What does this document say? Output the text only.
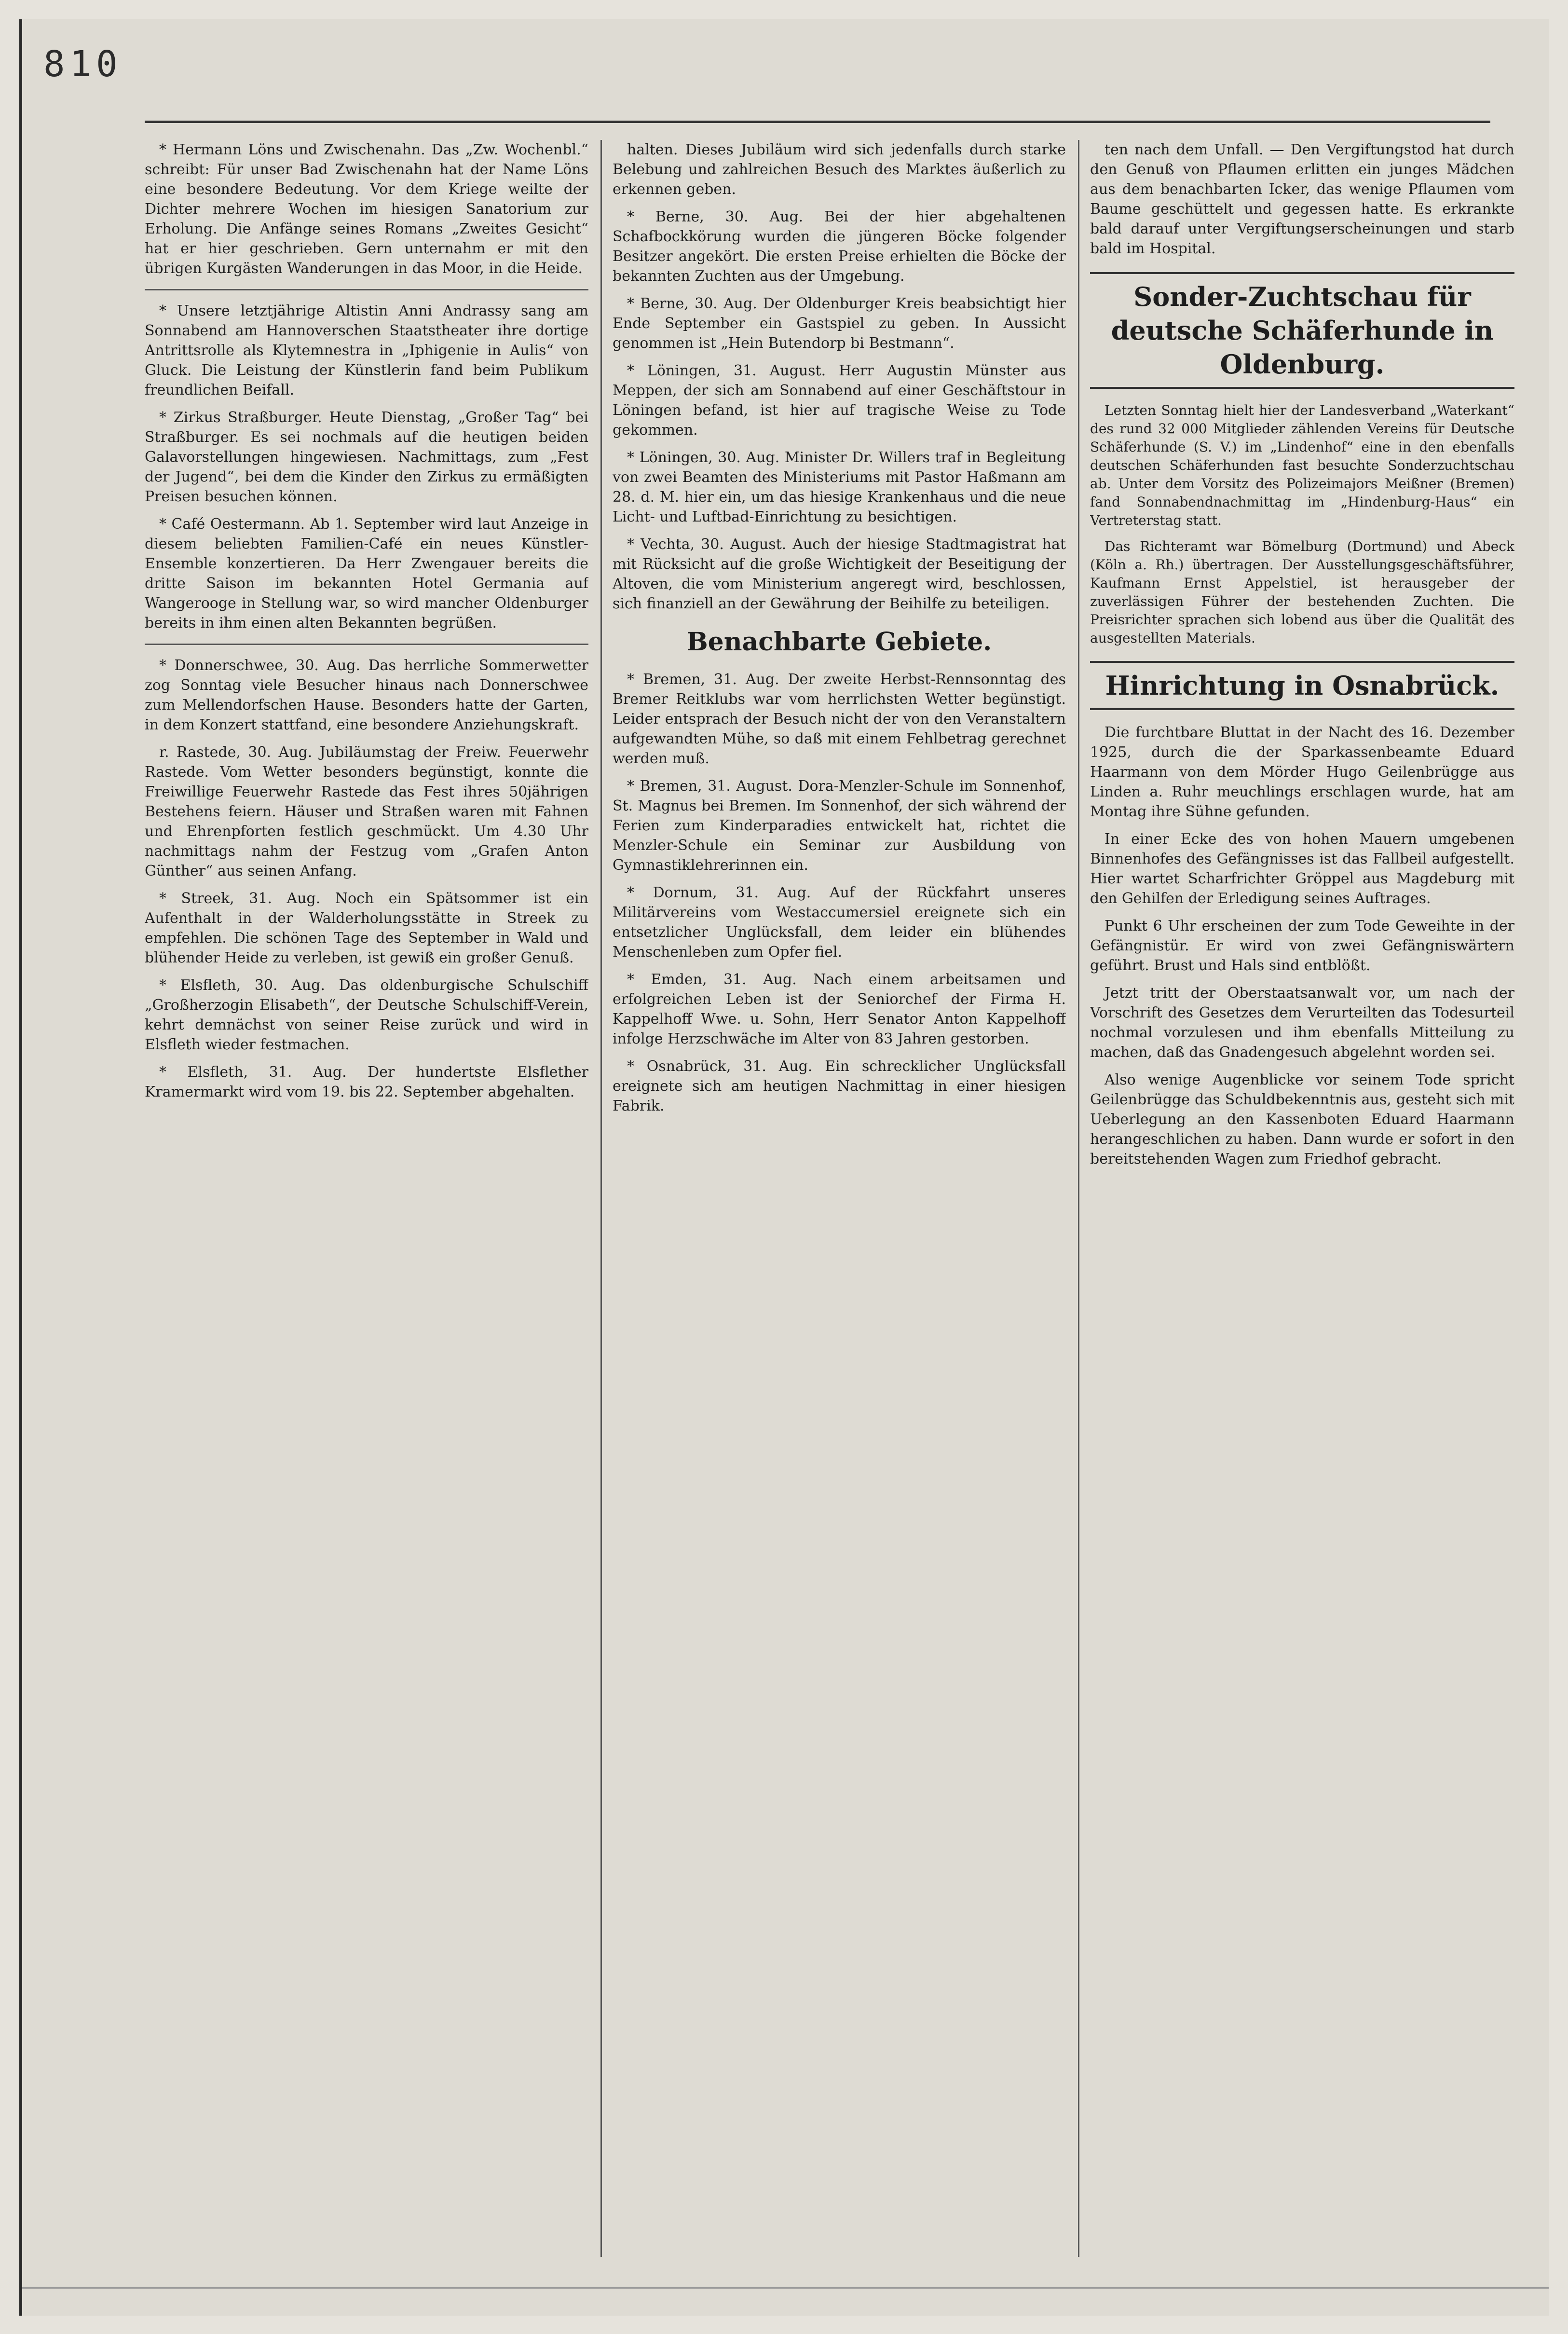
810

* Hermann Löns und Zwischenahn. Das „Zw. Wochenbl.“ schreibt: Für unser Bad Zwischenahn hat der Name Löns eine besondere Bedeutung. Vor dem Kriege weilte der Dichter mehrere Wochen im hiesigen Sanatorium zur Erholung. Die Anfänge seines Romans „Zweites Gesicht“ hat er hier geschrieben. Gern unternahm er mit den übrigen Kurgästen Wanderungen in das Moor, in die Heide.

* Unsere letztjährige Altistin Anni Andrassy sang am Sonnabend am Hannoverschen Staatstheater ihre dortige Antrittsrolle als Klytemnestra in „Iphigenie in Aulis“ von Gluck. Die Leistung der Künstlerin fand beim Publikum freundlichen Beifall.

* Zirkus Straßburger. Heute Dienstag, „Großer Tag“ bei Straßburger. Es sei nochmals auf die heutigen beiden Galavorstellungen hingewiesen. Nachmittags, zum „Fest der Jugend“, bei dem die Kinder den Zirkus zu ermäßigten Preisen besuchen können.

* Café Oestermann. Ab 1. September wird laut Anzeige in diesem beliebten Familien-Café ein neues Künstler-Ensemble konzertieren. Da Herr Zwengauer bereits die dritte Saison im bekannten Hotel Germania auf Wangerooge in Stellung war, so wird mancher Oldenburger bereits in ihm einen alten Bekannten begrüßen.

* Donnerschwee, 30. Aug. Das herrliche Sommerwetter zog Sonntag viele Besucher hinaus nach Donnerschwee zum Mellendorfschen Hause. Besonders hatte der Garten, in dem Konzert stattfand, eine besondere Anziehungskraft.

r. Rastede, 30. Aug. Jubiläumstag der Freiw. Feuerwehr Rastede. Vom Wetter besonders begünstigt, konnte die Freiwillige Feuerwehr Rastede das Fest ihres 50jährigen Bestehens feiern. Häuser und Straßen waren mit Fahnen und Ehrenpforten festlich geschmückt. Um 4.30 Uhr nachmittags nahm der Festzug vom „Grafen Anton Günther“ aus seinen Anfang.

* Streek, 31. Aug. Noch ein Spätsommer ist ein Aufenthalt in der Walderholungsstätte in Streek zu empfehlen. Die schönen Tage des September in Wald und blühender Heide zu verleben, ist gewiß ein großer Genuß.

* Elsfleth, 30. Aug. Das oldenburgische Schulschiff „Großherzogin Elisabeth“, der Deutsche Schulschiff-Verein, kehrt demnächst von seiner Reise zurück und wird in Elsfleth wieder festmachen.

* Elsfleth, 31. Aug. Der hundertste Elsflether Kramermarkt wird vom 19. bis 22. September abgehalten.

halten. Dieses Jubiläum wird sich jedenfalls durch starke Belebung und zahlreichen Besuch des Marktes äußerlich zu erkennen geben.

* Berne, 30. Aug. Bei der hier abgehaltenen Schafbockkörung wurden die jüngeren Böcke folgender Besitzer angekört. Die ersten Preise erhielten die Böcke der bekannten Zuchten aus der Umgebung.

* Berne, 30. Aug. Der Oldenburger Kreis beabsichtigt hier Ende September ein Gastspiel zu geben. In Aussicht genommen ist „Hein Butendorp bi Bestmann“.

* Löningen, 31. August. Herr Augustin Münster aus Meppen, der sich am Sonnabend auf einer Geschäftstour in Löningen befand, ist hier auf tragische Weise zu Tode gekommen.

* Löningen, 30. Aug. Minister Dr. Willers traf in Begleitung von zwei Beamten des Ministeriums mit Pastor Haßmann am 28. d. M. hier ein, um das hiesige Krankenhaus und die neue Licht- und Luftbad-Einrichtung zu besichtigen.

* Vechta, 30. August. Auch der hiesige Stadtmagistrat hat mit Rücksicht auf die große Wichtigkeit der Beseitigung der Altoven, die vom Ministerium angeregt wird, beschlossen, sich finanziell an der Gewährung der Beihilfe zu beteiligen.

Benachbarte Gebiete.

* Bremen, 31. Aug. Der zweite Herbst-Rennsonntag des Bremer Reitklubs war vom herrlichsten Wetter begünstigt. Leider entsprach der Besuch nicht der von den Veranstaltern aufgewandten Mühe, so daß mit einem Fehlbetrag gerechnet werden muß.

* Bremen, 31. August. Dora-Menzler-Schule im Sonnenhof, St. Magnus bei Bremen. Im Sonnenhof, der sich während der Ferien zum Kinderparadies entwickelt hat, richtet die Menzler-Schule ein Seminar zur Ausbildung von Gymnastiklehrerinnen ein.

* Dornum, 31. Aug. Auf der Rückfahrt unseres Militärvereins vom Westaccumersiel ereignete sich ein entsetzlicher Unglücksfall, dem leider ein blühendes Menschenleben zum Opfer fiel.

* Emden, 31. Aug. Nach einem arbeitsamen und erfolgreichen Leben ist der Seniorchef der Firma H. Kappelhoff Wwe. u. Sohn, Herr Senator Anton Kappelhoff infolge Herzschwäche im Alter von 83 Jahren gestorben.

* Osnabrück, 31. Aug. Ein schrecklicher Unglücksfall ereignete sich am heutigen Nachmittag in einer hiesigen Fabrik.

ten nach dem Unfall. — Den Vergiftungstod hat durch den Genuß von Pflaumen erlitten ein junges Mädchen aus dem benachbarten Icker, das wenige Pflaumen vom Baume geschüttelt und gegessen hatte. Es erkrankte bald darauf unter Vergiftungserscheinungen und starb bald im Hospital.

Sonder-Zuchtschau für deutsche Schäferhunde in Oldenburg.

Letzten Sonntag hielt hier der Landesverband „Waterkant“ des rund 32 000 Mitglieder zählenden Vereins für Deutsche Schäferhunde (S. V.) im „Lindenhof“ eine in den ebenfalls deutschen Schäferhunden fast besuchte Sonderzuchtschau ab. Unter dem Vorsitz des Polizeimajors Meißner (Bremen) fand Sonnabendnachmittag im „Hindenburg-Haus“ ein Vertreterstag statt.

Das Richteramt war Bömelburg (Dortmund) und Abeck (Köln a. Rh.) übertragen. Der Ausstellungsgeschäftsführer, Kaufmann Ernst Appelstiel, ist herausgeber der zuverlässigen Führer der bestehenden Zuchten. Die Preisrichter sprachen sich lobend aus über die Qualität des ausgestellten Materials.

Hinrichtung in Osnabrück.

Die furchtbare Bluttat in der Nacht des 16. Dezember 1925, durch die der Sparkassenbeamte Eduard Haarmann von dem Mörder Hugo Geilenbrügge aus Linden a. Ruhr meuchlings erschlagen wurde, hat am Montag ihre Sühne gefunden.

In einer Ecke des von hohen Mauern umgebenen Binnenhofes des Gefängnisses ist das Fallbeil aufgestellt. Hier wartet Scharfrichter Gröppel aus Magdeburg mit den Gehilfen der Erledigung seines Auftrages.

Punkt 6 Uhr erscheinen der zum Tode Geweihte in der Gefängnistür. Er wird von zwei Gefängniswärtern geführt. Brust und Hals sind entblößt.

Jetzt tritt der Oberstaatsanwalt vor, um nach der Vorschrift des Gesetzes dem Verurteilten das Todesurteil nochmal vorzulesen und ihm ebenfalls Mitteilung zu machen, daß das Gnadengesuch abgelehnt worden sei.

Also wenige Augenblicke vor seinem Tode spricht Geilenbrügge das Schuldbekenntnis aus, gesteht sich mit Ueberlegung an den Kassenboten Eduard Haarmann herangeschlichen zu haben. Dann wurde er sofort in den bereitstehenden Wagen zum Friedhof gebracht.
